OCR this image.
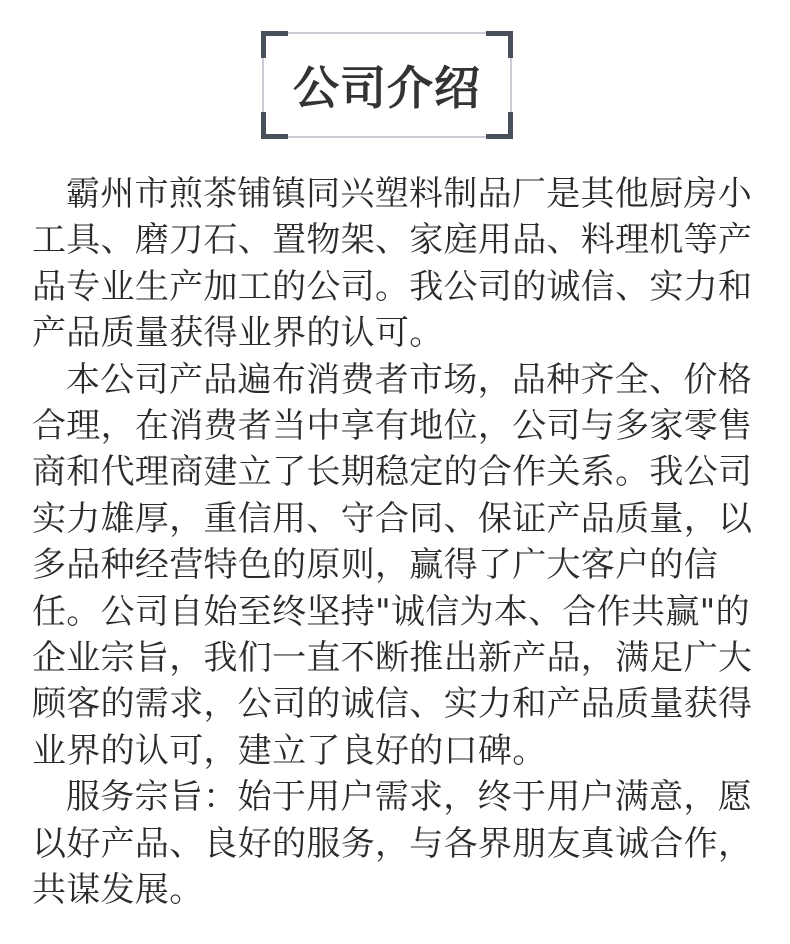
公司介绍

霸州市煎茶铺镇同兴塑料制品厂是其他厨房小工具、磨刀石、置物架、家庭用品、料理机等产品专业生产加工的公司。我公司的诚信、实力和产品质量获得业界的认可。

本公司产品遍布消费者市场，品种齐全、价格合理，在消费者当中享有地位，公司与多家零售商和代理商建立了长期稳定的合作关系。我公司实力雄厚，重信用、守合同、保证产品质量，以多品种经营特色的原则，赢得了广大客户的信任。公司自始至终坚持"诚信为本、合作共赢"的企业宗旨，我们一直不断推出新产品，满足广大顾客的需求，公司的诚信、实力和产品质量获得业界的认可，建立了良好的口碑。

服务宗旨：始于用户需求，终于用户满意，愿以好产品、良好的服务，与各界朋友真诚合作，共谋发展。
